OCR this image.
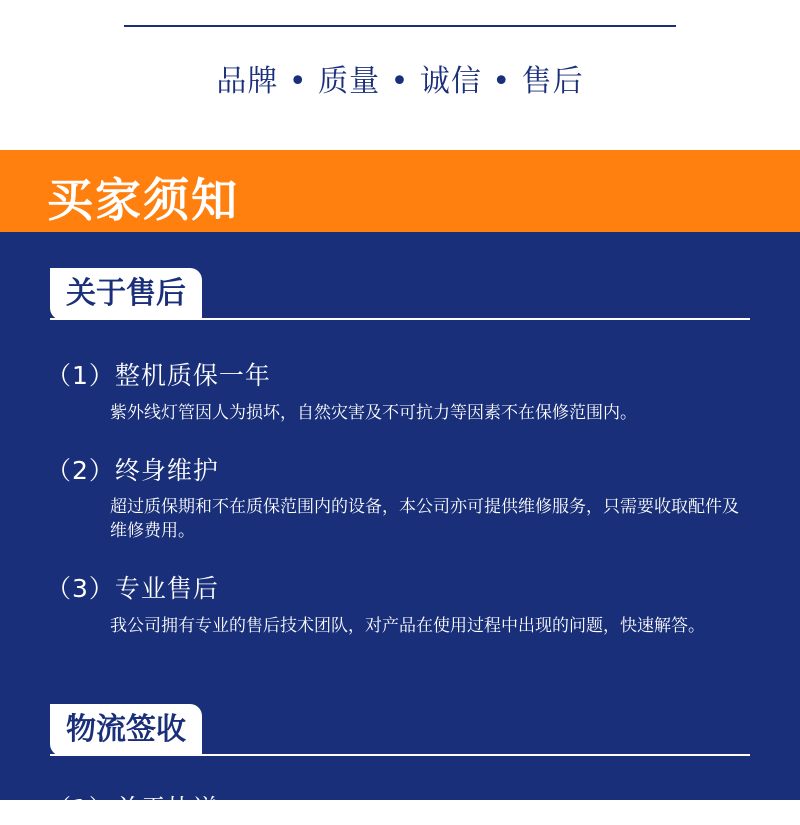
品牌 • 质量 • 诚信 • 售后
买家须知
关于售后
（1）整机质保一年
紫外线灯管因人为损坏，自然灾害及不可抗力等因素不在保修范围内。
（2）终身维护
超过质保期和不在质保范围内的设备，本公司亦可提供维修服务，只需要收取配件及维修费用。
（3）专业售后
我公司拥有专业的售后技术团队，对产品在使用过程中出现的问题，快速解答。
物流签收
（1）关于快递
